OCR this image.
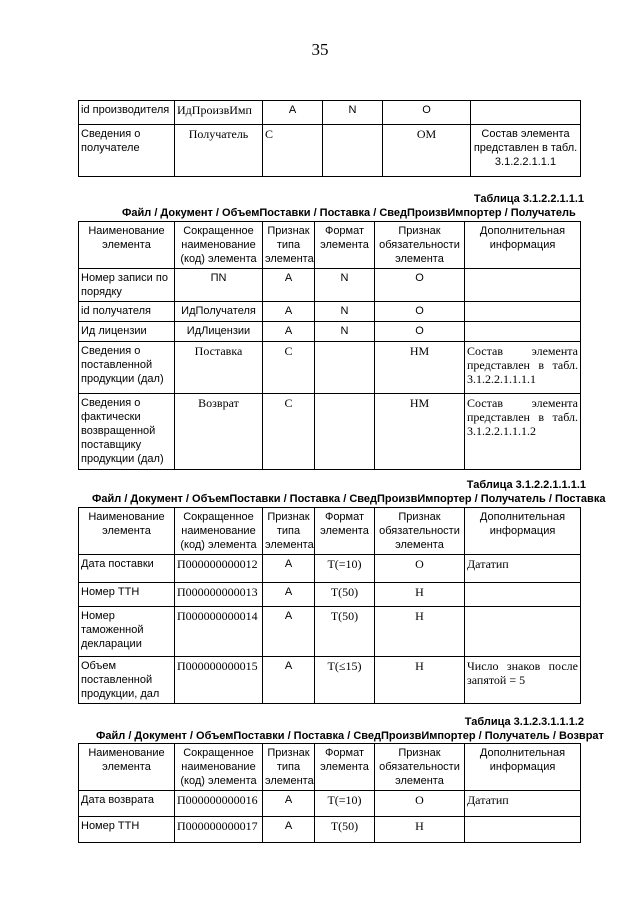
35
id производителя	ИдПроизвИмп	A	N	O	
Сведения о получателе	Получатель	С		ОМ	Состав элемента представлен в табл. 3.1.2.2.1.1.1
Таблица 3.1.2.2.1.1.1
Файл / Документ / ОбъемПоставки / Поставка / СведПроизвИмпортер / Получатель
Наименование элемента	Сокращенное наименование (код) элемента	Признак типа элемента	Формат элемента	Признак обязательности элемента	Дополнительная информация
Номер записи по порядку	ПN	A	N	O	
id получателя	ИдПолучателя	A	N	O	
Ид лицензии	ИдЛицензии	A	N	O	
Сведения о поставленной продукции (дал)	Поставка	С		НМ	Состав элемента представлен в табл. 3.1.2.2.1.1.1.1
Сведения о фактически возвращенной поставщику продукции (дал)	Возврат	С		НМ	Состав элемента представлен в табл. 3.1.2.2.1.1.1.2
Таблица 3.1.2.2.1.1.1.1
Файл / Документ / ОбъемПоставки / Поставка / СведПроизвИмпортер / Получатель / Поставка
Наименование элемента	Сокращенное наименование (код) элемента	Признак типа элемента	Формат элемента	Признак обязательности элемента	Дополнительная информация
Дата поставки	П000000000012	A	Т(=10)	О	Дататип
Номер ТТН	П000000000013	A	Т(50)	Н	
Номер таможенной декларации	П000000000014	A	Т(50)	Н	
Объем поставленной продукции, дал	П000000000015	A	Т(≤15)	Н	Число знаков после запятой = 5
Таблица 3.1.2.3.1.1.1.2
Файл / Документ / ОбъемПоставки / Поставка / СведПроизвИмпортер / Получатель / Возврат
Наименование элемента	Сокращенное наименование (код) элемента	Признак типа элемента	Формат элемента	Признак обязательности элемента	Дополнительная информация
Дата возврата	П000000000016	A	Т(=10)	О	Дататип
Номер ТТН	П000000000017	A	Т(50)	Н	
